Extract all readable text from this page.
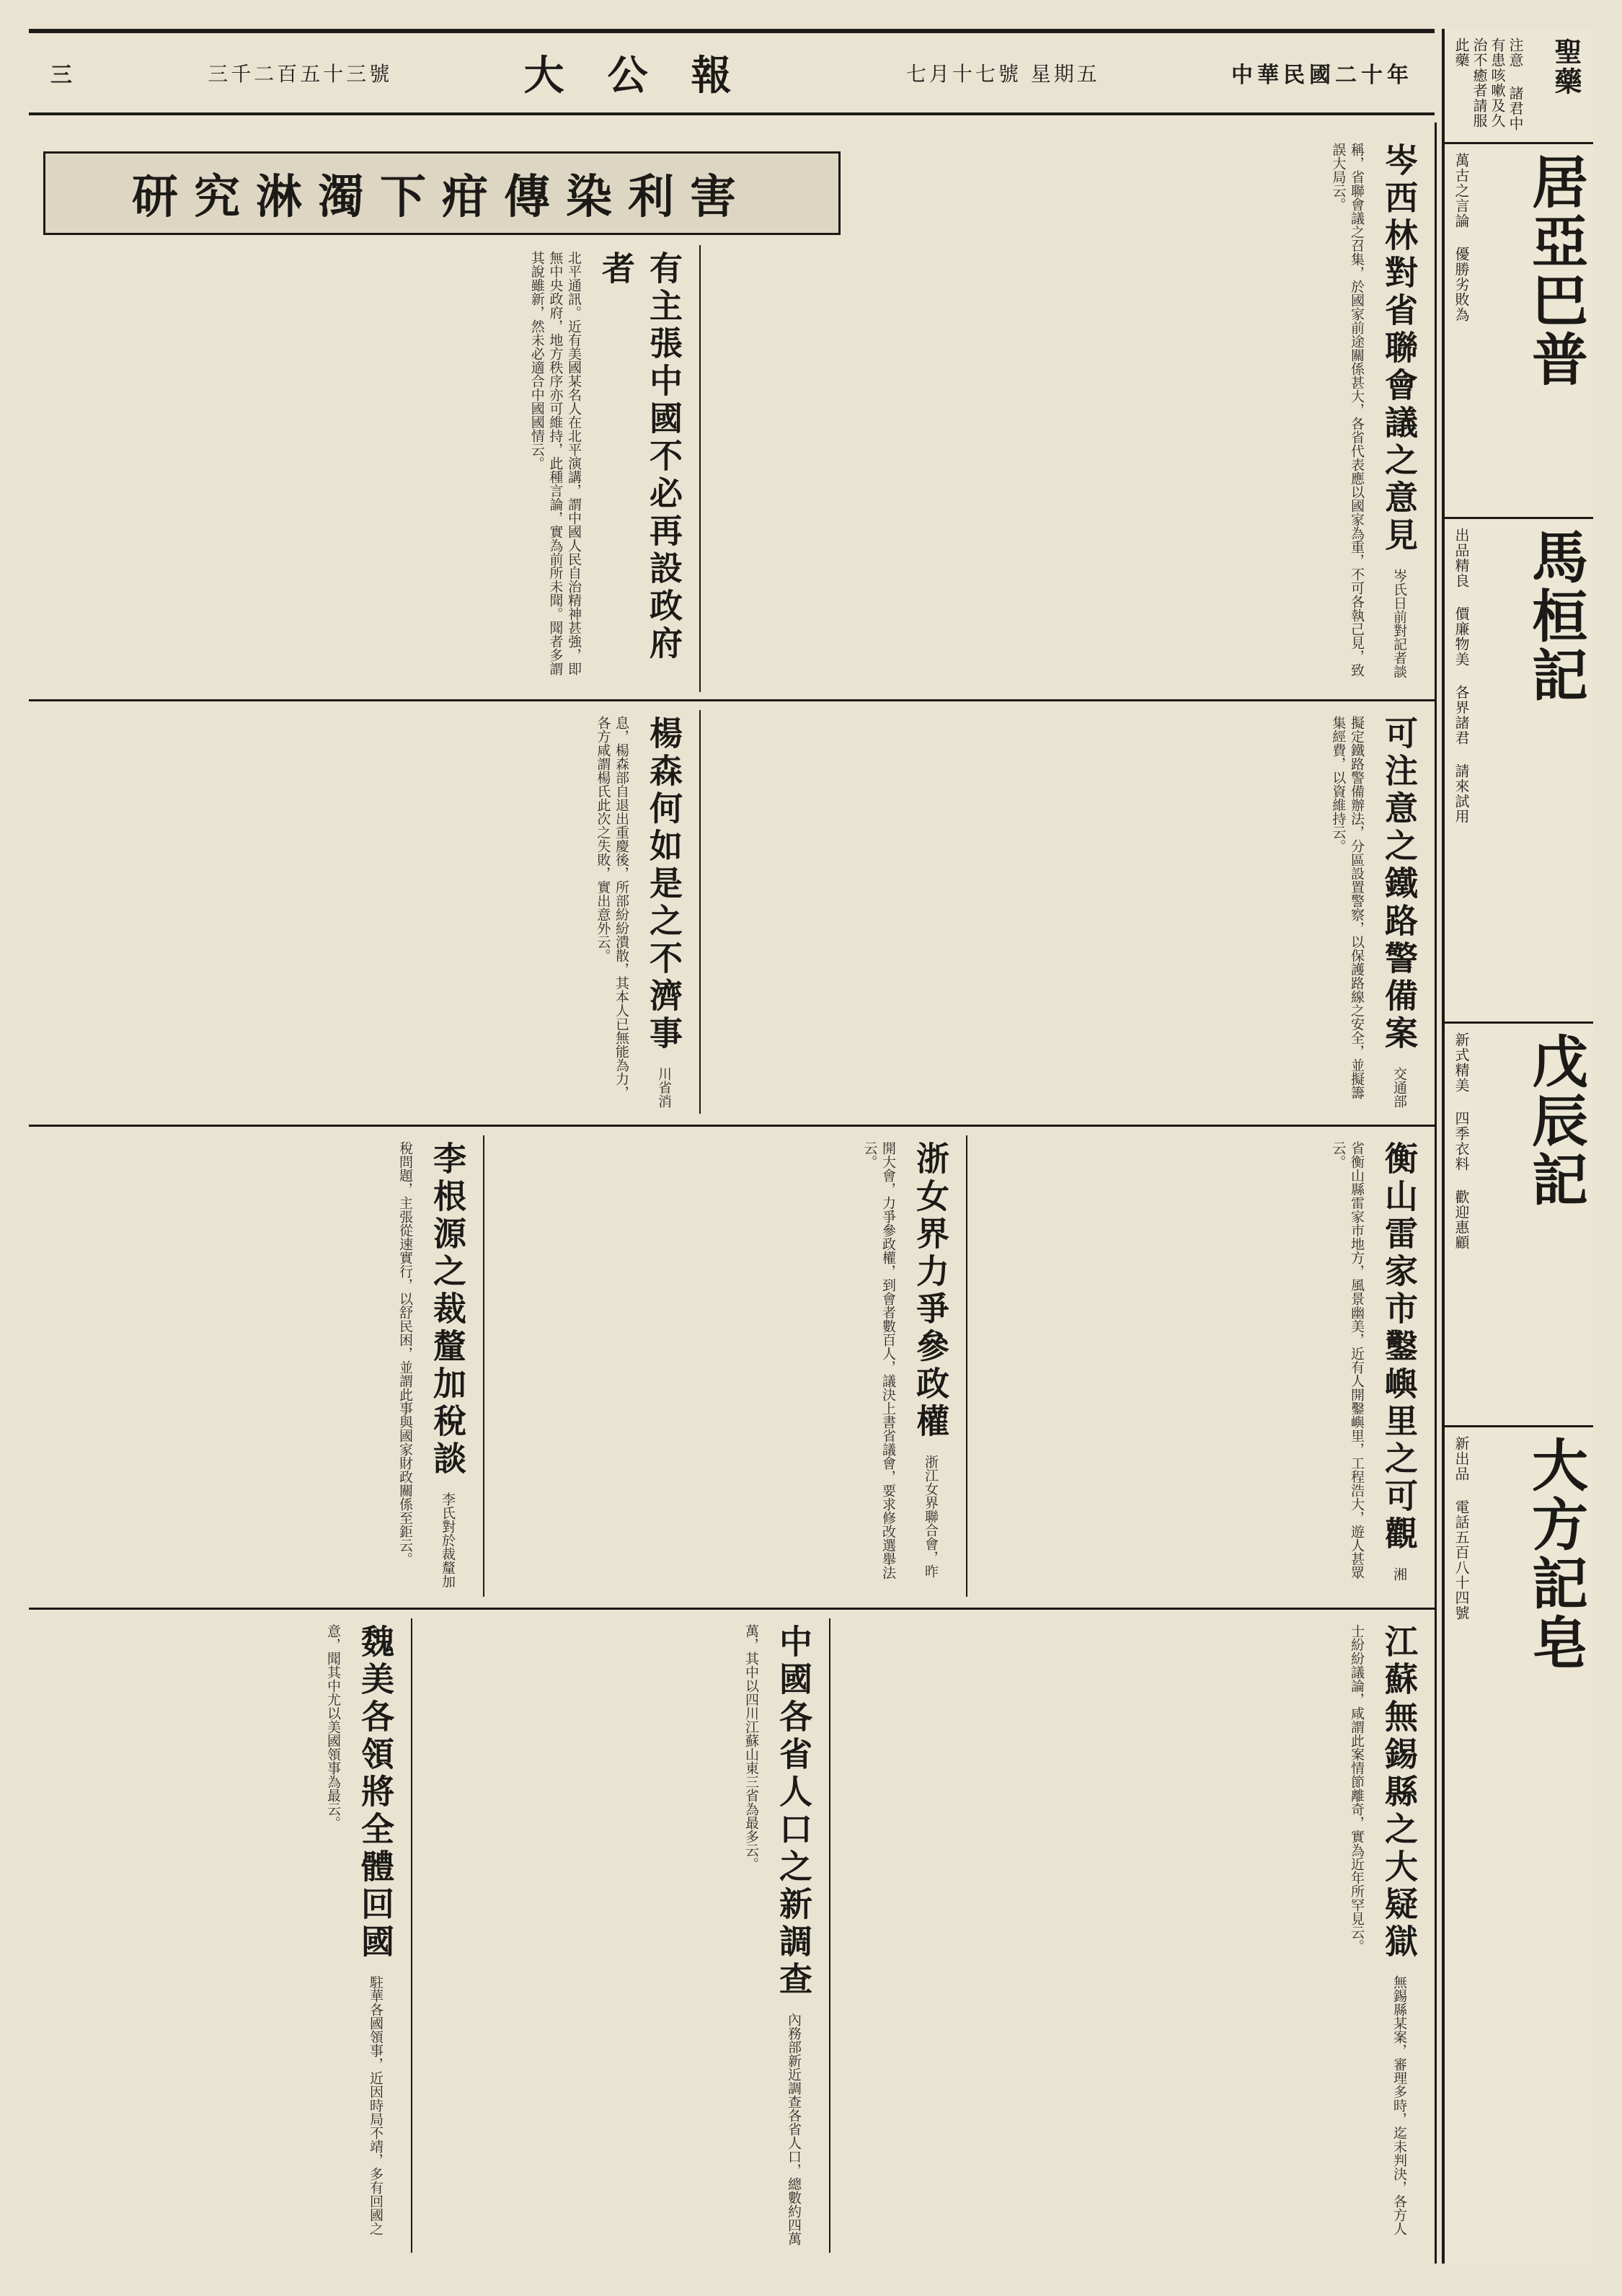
三	三千二百五十三號	大公報	七月十七號 星期五	中華民國二十年	聖藥
注意 諸君中有患咳嗽及久治不癒者請服此藥
居亞巴普
萬古之言論 優勝劣敗為
馬桓記
出品精良 價廉物美 各界諸君 請來試用
戊辰記
新式精美 四季衣料 歡迎惠顧
大方記皂
新出品 電話五百八十四號
研究淋濁下疳傳染利害
有主張中國不必再設政府者 北平通訊。近有美國某名人在北平演講，謂中國人民自治精神甚強，即無中央政府，地方秩序亦可維持，此種言論，實為前所未聞。聞者多謂其說雖新，然未必適合中國國情云。	岑西林對省聯會議之意見 岑氏日前對記者談稱，省聯會議之召集，於國家前途關係甚大，各省代表應以國家為重，不可各執己見，致誤大局云。
楊森何如是之不濟事 川省消息，楊森部自退出重慶後，所部紛紛潰散，其本人已無能為力，各方咸謂楊氏此次之失敗，實出意外云。	可注意之鐵路警備案 交通部擬定鐵路警備辦法，分區設置警察，以保護路線之安全，並擬籌集經費，以資維持云。
李根源之裁釐加稅談 李氏對於裁釐加稅問題，主張從速實行，以舒民困，並謂此事與國家財政關係至鉅云。	浙女界力爭參政權 浙江女界聯合會，昨開大會，力爭參政權，到會者數百人，議決上書省議會，要求修改選舉法云。	衡山雷家市鑿嶼里之可觀 湘省衡山縣雷家市地方，風景幽美，近有人開鑿嶼里，工程浩大，遊人甚眾云。
魏美各領將全體回國 駐華各國領事，近因時局不靖，多有回國之意，聞其中尤以美國領事為最云。	中國各省人口之新調查 內務部新近調查各省人口，總數約四萬萬，其中以四川江蘇山東三省為最多云。	江蘇無錫縣之大疑獄 無錫縣某案，審理多時，迄未判決，各方人士紛紛議論，咸謂此案情節離奇，實為近年所罕見云。
